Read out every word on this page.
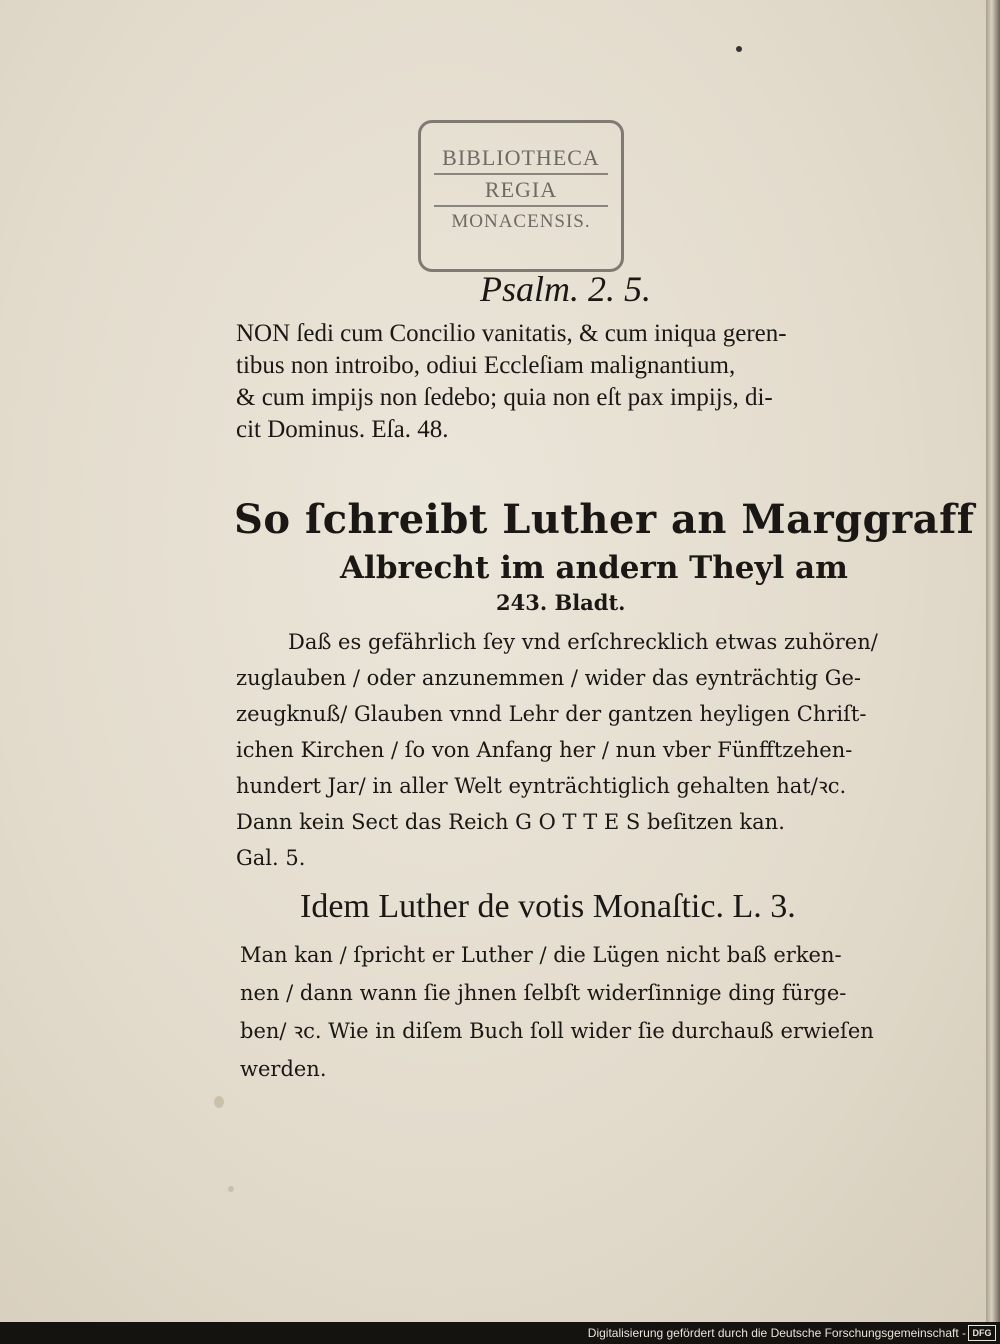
BIBLIOTHECA
REGIA
MONACENSIS.
Psalm. 2. 5.
NON ſedi cum Concilio vanitatis, & cum iniqua geren-
tibus non introibo, odiui Eccleſiam malignantium,
& cum impijs non ſedebo; quia non eſt pax impijs, di-
cit Dominus. Eſa. 48.
So ſchreibt Luther an Marggraff
Albrecht im andern Theyl am
243. Bladt.
Daß es gefährlich ſey vnd erſchrecklich etwas zuhören/
zuglauben / oder anzunemmen / wider das eyntrӓchtig Ge-
zeugknuß/ Glauben vnnd Lehr der gantzen heyligen Chriſt-
ichen Kirchen / ſo von Anfang her / nun vber Fünfftzehen-
hundert Jar/ in aller Welt eyntrӓchtiglich gehalten hat/ꝛc.
Dann kein Sect das Reich G O T T E S beſitzen kan.
Gal. 5.
Idem Luther de votis Monaſtic. L. 3.
Man kan / ſpricht er Luther / die Lügen nicht baß erken-
nen / dann wann ſie jhnen ſelbſt widerſinnige ding fürge-
ben/ ꝛc. Wie in diſem Buch ſoll wider ſie durchauß erwieſen
werden.
Digitalisierung gefördert durch die Deutsche Forschungsgemeinschaft - DFG
